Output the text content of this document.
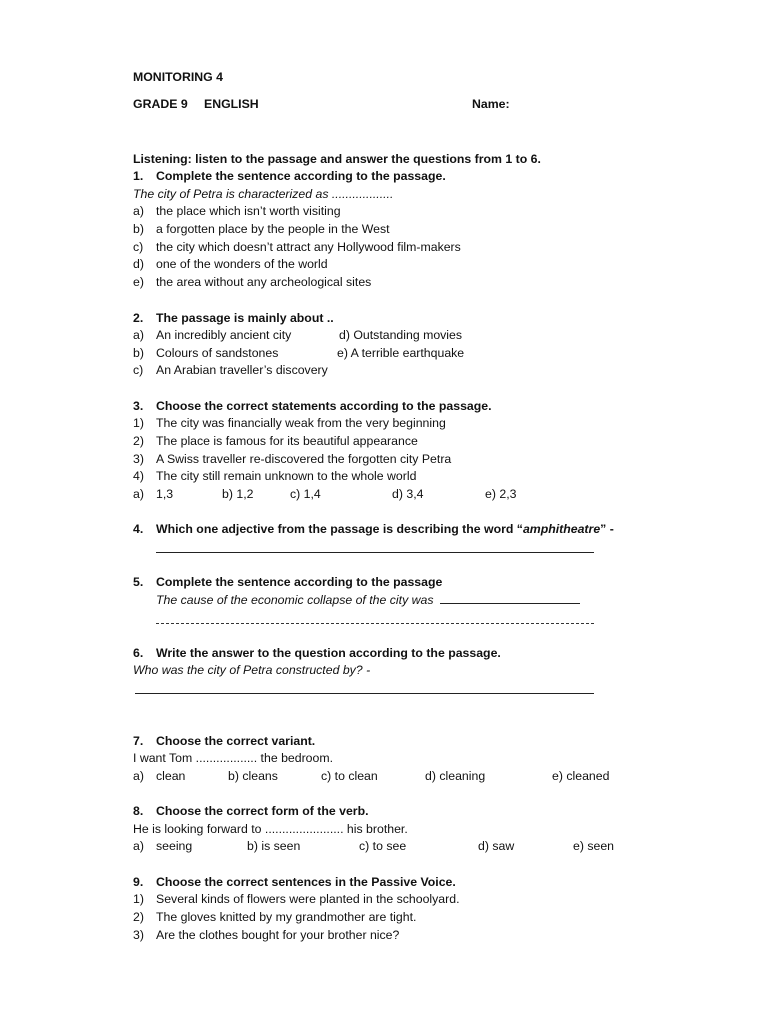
MONITORING 4
GRADE 9 ENGLISH	Name:
Listening: listen to the passage and answer the questions from 1 to 6.
1. Complete the sentence according to the passage.
The city of Petra is characterized as ..................
a) the place which isn’t worth visiting
b) a forgotten place by the people in the West
c) the city which doesn’t attract any Hollywood film-makers
d) one of the wonders of the world
e) the area without any archeological sites
2. The passage is mainly about ..
a) An incredibly ancient city	d) Outstanding movies
b) Colours of sandstones	e) A terrible earthquake
c) An Arabian traveller’s discovery
3. Choose the correct statements according to the passage.
1) The city was financially weak from the very beginning
2) The place is famous for its beautiful appearance
3) A Swiss traveller re-discovered the forgotten city Petra
4) The city still remain unknown to the whole world
a) 1,3	b) 1,2	c) 1,4	d) 3,4	e) 2,3
4. Which one adjective from the passage is describing the word “amphitheatre” -
5. Complete the sentence according to the passage
The cause of the economic collapse of the city was
6. Write the answer to the question according to the passage.
Who was the city of Petra constructed by? -
7. Choose the correct variant.
I want Tom .................. the bedroom.
a) clean	b) cleans	c) to clean	d) cleaning	e) cleaned
8. Choose the correct form of the verb.
He is looking forward to ....................... his brother.
a) seeing	b) is seen	c) to see	d) saw	e) seen
9. Choose the correct sentences in the Passive Voice.
1) Several kinds of flowers were planted in the schoolyard.
2) The gloves knitted by my grandmother are tight.
3) Are the clothes bought for your brother nice?
